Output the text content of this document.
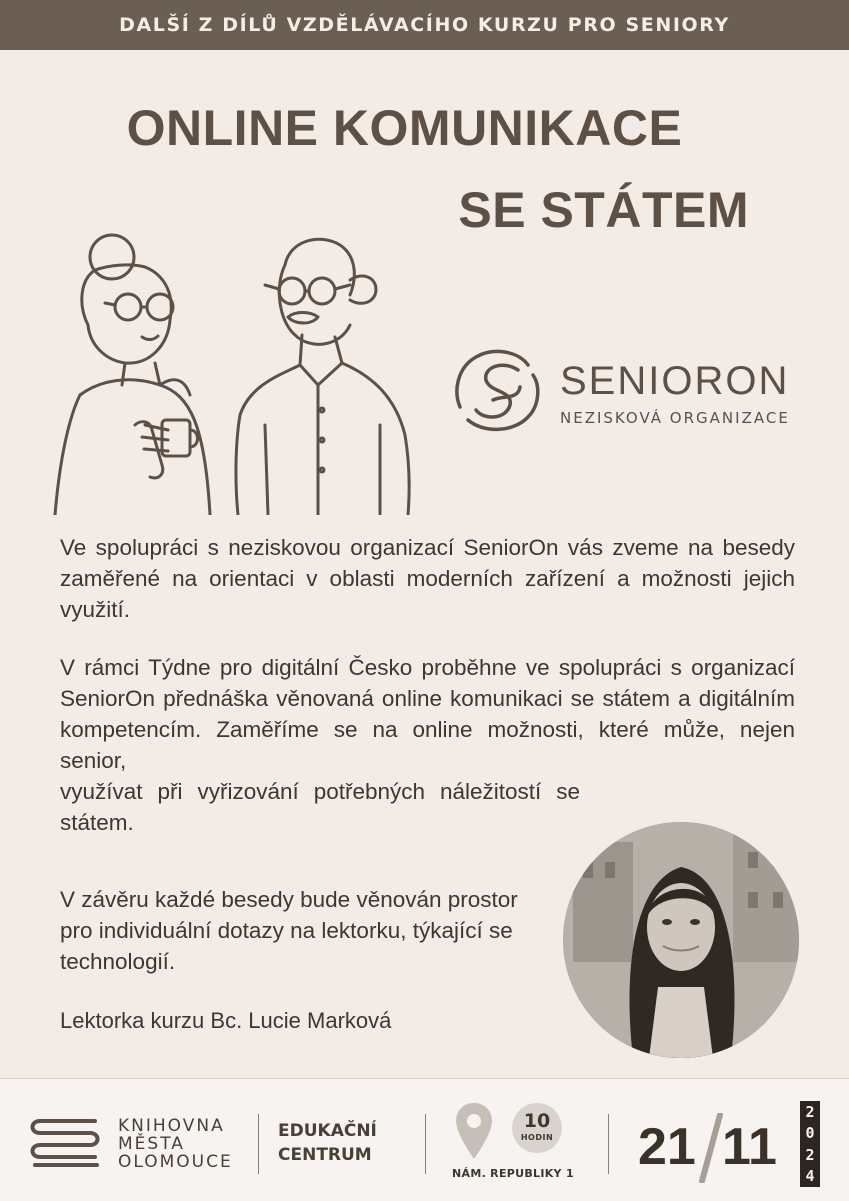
DALŠÍ Z DÍLŮ VZDĚLÁVACÍHO KURZU PRO SENIORY
ONLINE KOMUNIKACE
SE STÁTEM
SENIORON
NEZISKOVÁ ORGANIZACE
Ve spolupráci s neziskovou organizací SeniorOn vás zveme na besedy zaměřené na orientaci v oblasti moderních zařízení a možnosti jejich využití.
V rámci Týdne pro digitální Česko proběhne ve spolupráci s organizací SeniorOn přednáška věnovaná online komunikaci se státem a digitálním kompetencím. Zaměříme se na online možnosti, které může, nejen senior,
využívat při vyřizování potřebných náležitostí se státem.
V závěru každé besedy bude věnován prostor pro individuální dotazy na lektorku, týkající se technologií.
Lektorka kurzu Bc. Lucie Marková
KNIHOVNA
MĚSTA
OLOMOUCE
EDUKAČNÍ
CENTRUM
10
HODIN
NÁM. REPUBLIKY 1 21 11
2
0
2
4
